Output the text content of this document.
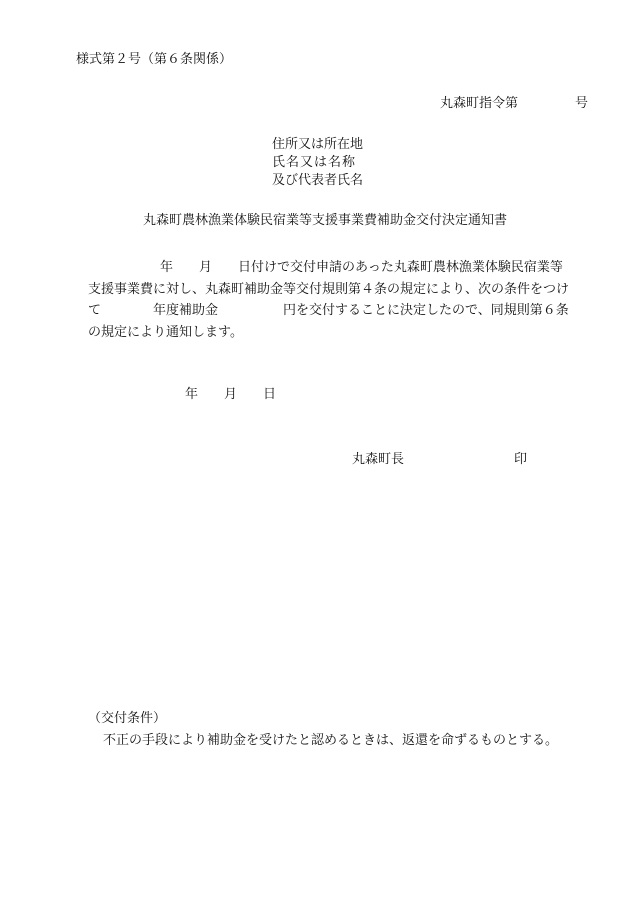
様式第２号（第６条関係）
丸森町指令第	号
住所又は所在地
氏名又は名称
及び代表者氏名
丸森町農林漁業体験民宿業等支援事業費補助金交付決定通知書
年　　月　　日付けで交付申請のあった丸森町農林漁業体験民宿業等
支援事業費に対し、丸森町補助金等交付規則第４条の規定により、次の条件をつけ
て　　　　年度補助金　　　　　円を交付することに決定したので、同規則第６条
の規定により通知します。
年　　月　　日
丸森町長	印
（交付条件）
不正の手段により補助金を受けたと認めるときは、返還を命ずるものとする。
